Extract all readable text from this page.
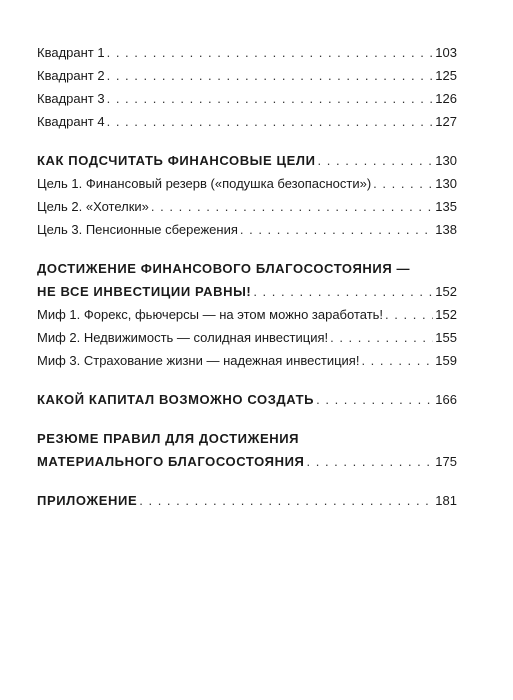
Квадрант 1 . . .	103
Квадрант 2 . . .	125
Квадрант 3 . . .	126
Квадрант 4 . . .	127
КАК ПОДСЧИТАТЬ ФИНАНСОВЫЕ ЦЕЛИ . . .	130
Цель 1. Финансовый резерв («подушка безопасности») . . .	130
Цель 2. «Хотелки» . . .	135
Цель 3. Пенсионные сбережения . . .	138
ДОСТИЖЕНИЕ ФИНАНСОВОГО БЛАГОСОСТОЯНИЯ —
НЕ ВСЕ ИНВЕСТИЦИИ РАВНЫ! . . .	152
Миф 1. Форекс, фьючерсы — на этом можно заработать! . . .	152
Миф 2. Недвижимость — солидная инвестиция! . . .	155
Миф 3. Страхование жизни — надежная инвестиция! . . .	159
КАКОЙ КАПИТАЛ ВОЗМОЖНО СОЗДАТЬ . . .	166
РЕЗЮМЕ ПРАВИЛ ДЛЯ ДОСТИЖЕНИЯ
МАТЕРИАЛЬНОГО БЛАГОСОСТОЯНИЯ . . .	175
ПРИЛОЖЕНИЕ . . .	181
